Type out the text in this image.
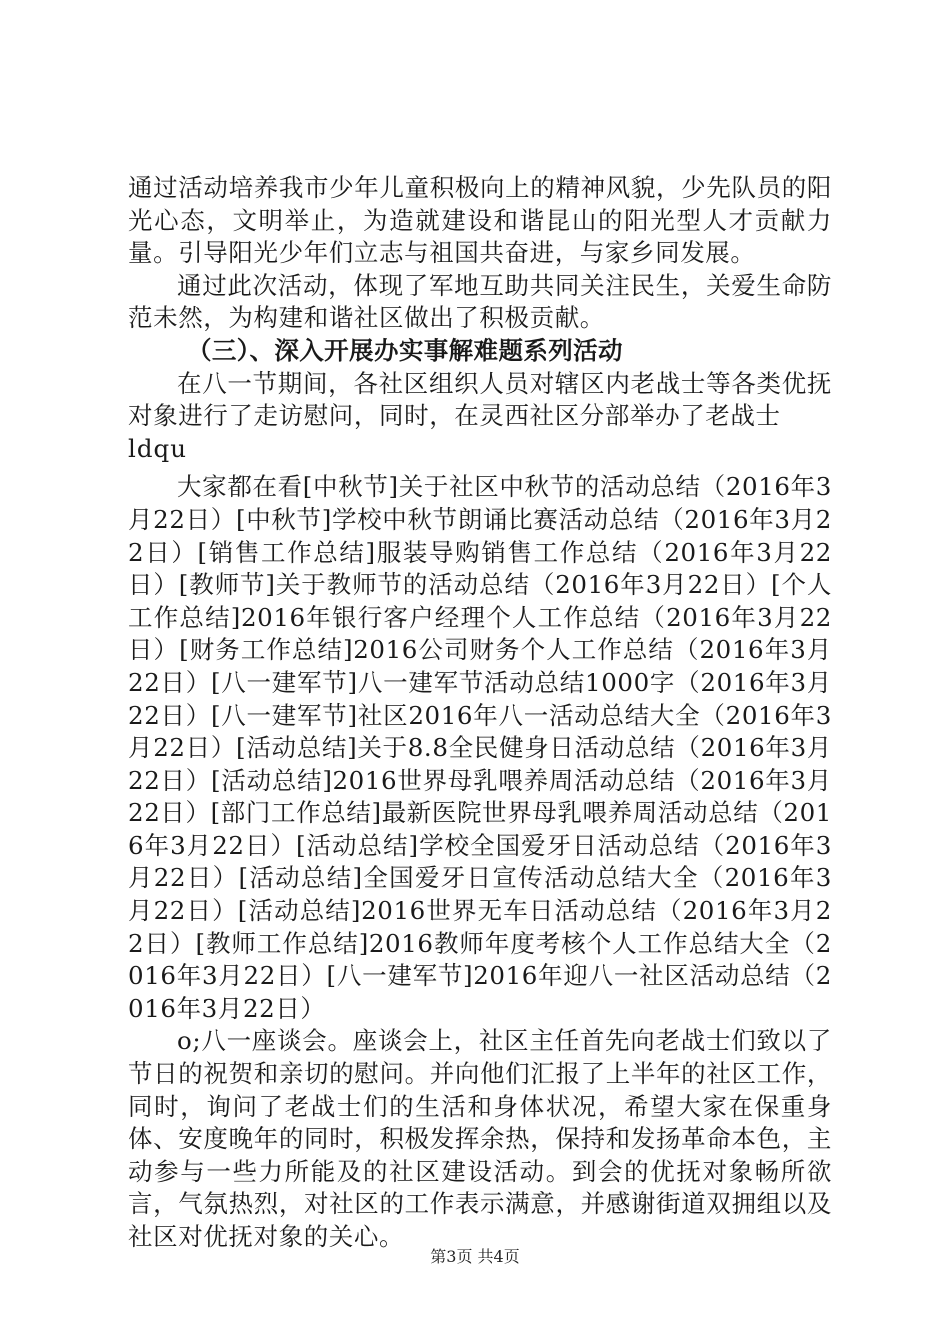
通过活动培养我市少年儿童积极向上的精神风貌，少先队员的阳光心态，文明举止，为造就建设和谐昆山的阳光型人才贡献力量。引导阳光少年们立志与祖国共奋进，与家乡同发展。

通过此次活动，体现了军地互助共同关注民生，关爱生命防范未然，为构建和谐社区做出了积极贡献。

（三）、深入开展办实事解难题系列活动

在八一节期间，各社区组织人员对辖区内老战士等各类优抚对象进行了走访慰问，同时，在灵西社区分部举办了老战士

ldqu

大家都在看[中秋节]关于社区中秋节的活动总结（2016年3月22日）[中秋节]学校中秋节朗诵比赛活动总结（2016年3月22日）[销售工作总结]服装导购销售工作总结（2016年3月22日）[教师节]关于教师节的活动总结（2016年3月22日）[个人工作总结]2016年银行客户经理个人工作总结（2016年3月22日）[财务工作总结]2016公司财务个人工作总结（2016年3月22日）[八一建军节]八一建军节活动总结1000字（2016年3月22日）[八一建军节]社区2016年八一活动总结大全（2016年3月22日）[活动总结]关于8.8全民健身日活动总结（2016年3月22日）[活动总结]2016世界母乳喂养周活动总结（2016年3月22日）[部门工作总结]最新医院世界母乳喂养周活动总结（2016年3月22日）[活动总结]学校全国爱牙日活动总结（2016年3月22日）[活动总结]全国爱牙日宣传活动总结大全（2016年3月22日）[活动总结]2016世界无车日活动总结（2016年3月22日）[教师工作总结]2016教师年度考核个人工作总结大全（2016年3月22日）[八一建军节]2016年迎八一社区活动总结（2016年3月22日）

o;八一座谈会。座谈会上，社区主任首先向老战士们致以了节日的祝贺和亲切的慰问。并向他们汇报了上半年的社区工作，同时，询问了老战士们的生活和身体状况，希望大家在保重身体、安度晚年的同时，积极发挥余热，保持和发扬革命本色，主动参与一些力所能及的社区建设活动。到会的优抚对象畅所欲言，气氛热烈，对社区的工作表示满意，并感谢街道双拥组以及社区对优抚对象的关心。

第3页 共4页
